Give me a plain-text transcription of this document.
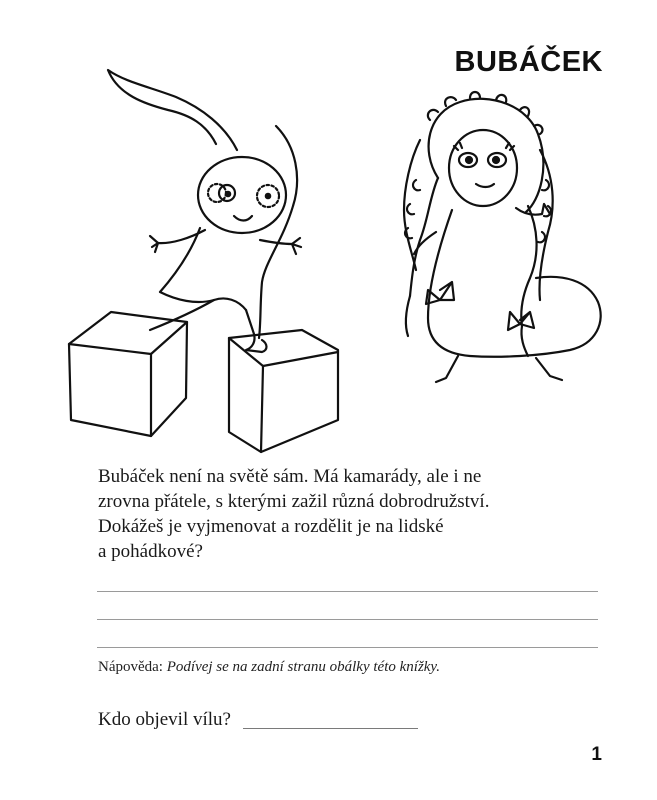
BUBÁČEK

Bubáček není na světě sám. Má kamarády, ale i ne
zrovna přátele, s kterými zažil různá dobrodružství.
Dokážeš je vyjmenovat a rozdělit je na lidské
a pohádkové?

Nápověda: Podívej se na zadní stranu obálky této knížky.
Kdo objevil vílu?
1
